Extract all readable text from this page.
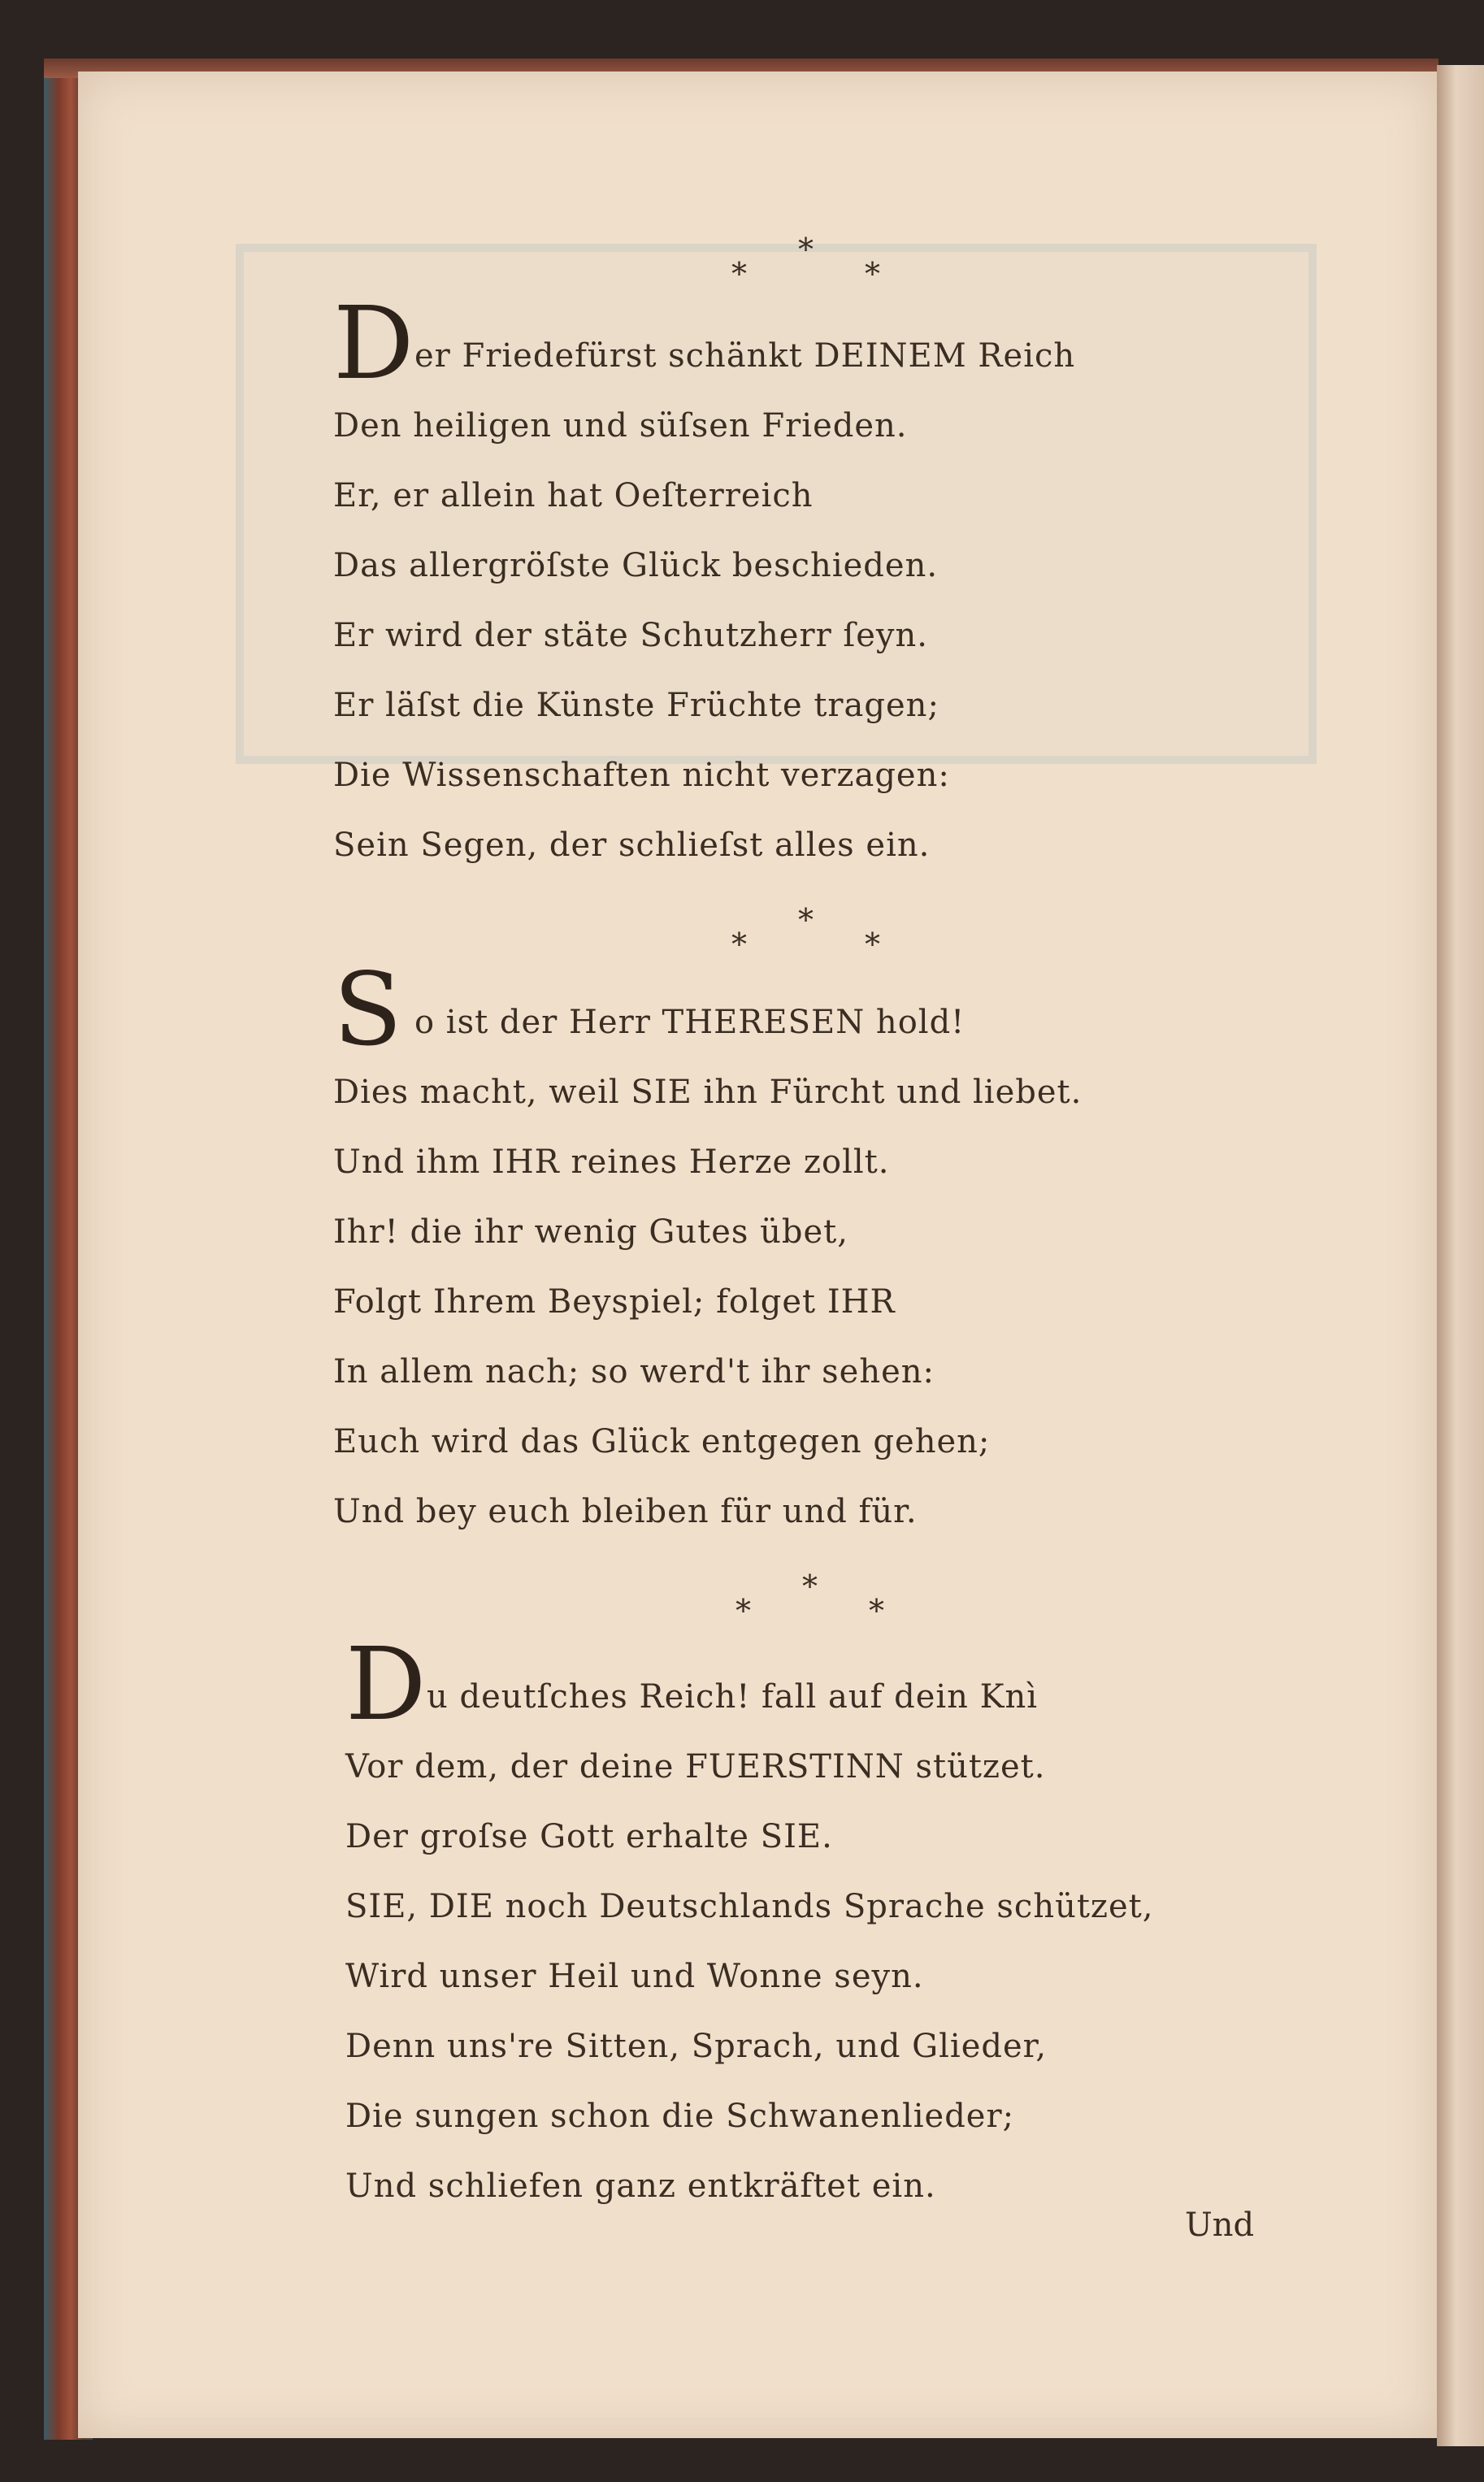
*
*	*
D er Friedefürst schänkt DEINEM Reich
Den heiligen und süſsen Frieden.
Er, er allein hat Oeſterreich
Das allergröſste Glück beschieden.
Er wird der stäte Schutzherr ſeyn.
Er läſst die Künste Früchte tragen;
Die Wissenschaften nicht verzagen:
Sein Segen, der schlieſst alles ein.
*
*	*
S o ist der Herr THERESEN hold!
Dies macht, weil SIE ihn Fürcht und liebet.
Und ihm IHR reines Herze zollt.
Ihr! die ihr wenig Gutes übet,
Folgt Ihrem Beyspiel; folget IHR
In allem nach; so werd't ihr sehen:
Euch wird das Glück entgegen gehen;
Und bey euch bleiben für und für.
*
*	*
D u deutſches Reich! fall auf dein Knì
Vor dem, der deine FUERSTINN stützet.
Der groſse Gott erhalte SIE.
SIE, DIE noch Deutschlands Sprache schützet,
Wird unser Heil und Wonne seyn.
Denn uns're Sitten, Sprach, und Glieder,
Die sungen schon die Schwanenlieder;
Und schliefen ganz entkräftet ein.
Und
